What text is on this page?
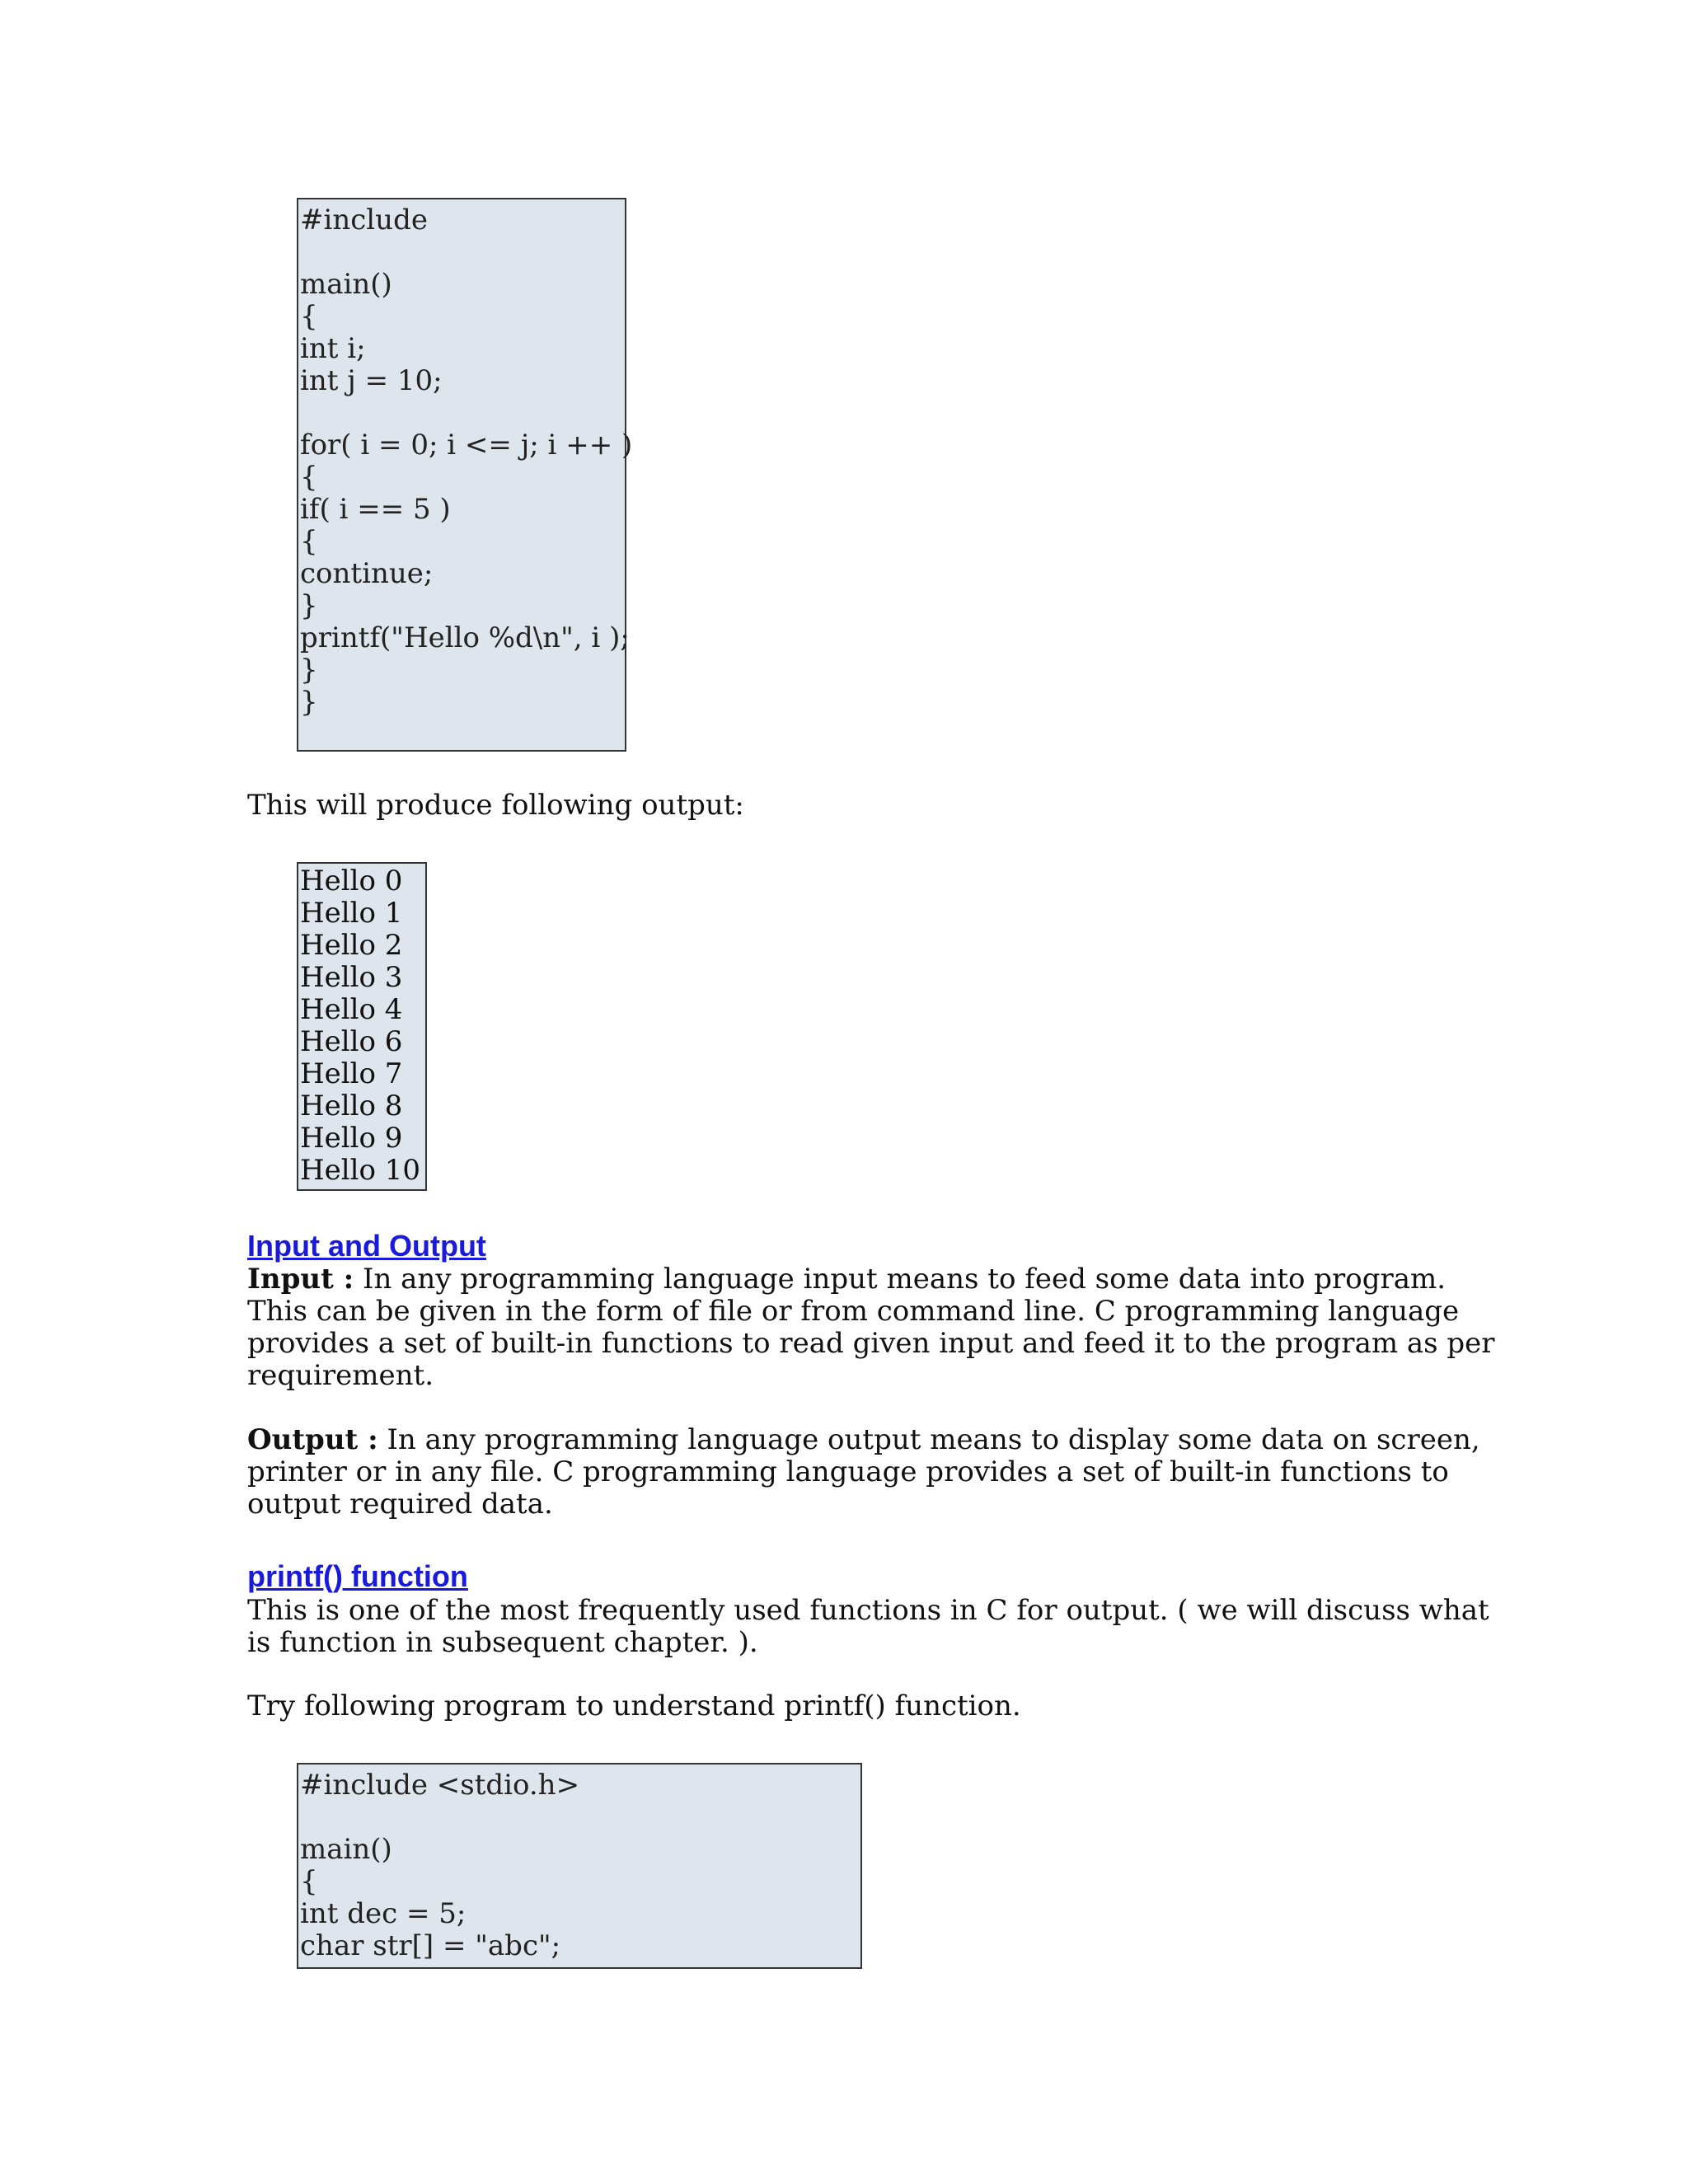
#include
main()
{
int i;
int j = 10;
for( i = 0; i <= j; i ++ )
{
if( i == 5 )
{
continue;
}
printf("Hello %d\n", i );
}
}
This will produce following output:
Hello 0
Hello 1
Hello 2
Hello 3
Hello 4
Hello 6
Hello 7
Hello 8
Hello 9
Hello 10
Input and Output
Input : In any programming language input means to feed some data into program.
This can be given in the form of file or from command line. C programming language
provides a set of built-in functions to read given input and feed it to the program as per
requirement.
Output : In any programming language output means to display some data on screen,
printer or in any file. C programming language provides a set of built-in functions to
output required data.
printf() function
This is one of the most frequently used functions in C for output. ( we will discuss what
is function in subsequent chapter. ).
Try following program to understand printf() function.
#include <stdio.h>
main()
{
int dec = 5;
char str[] = "abc";
